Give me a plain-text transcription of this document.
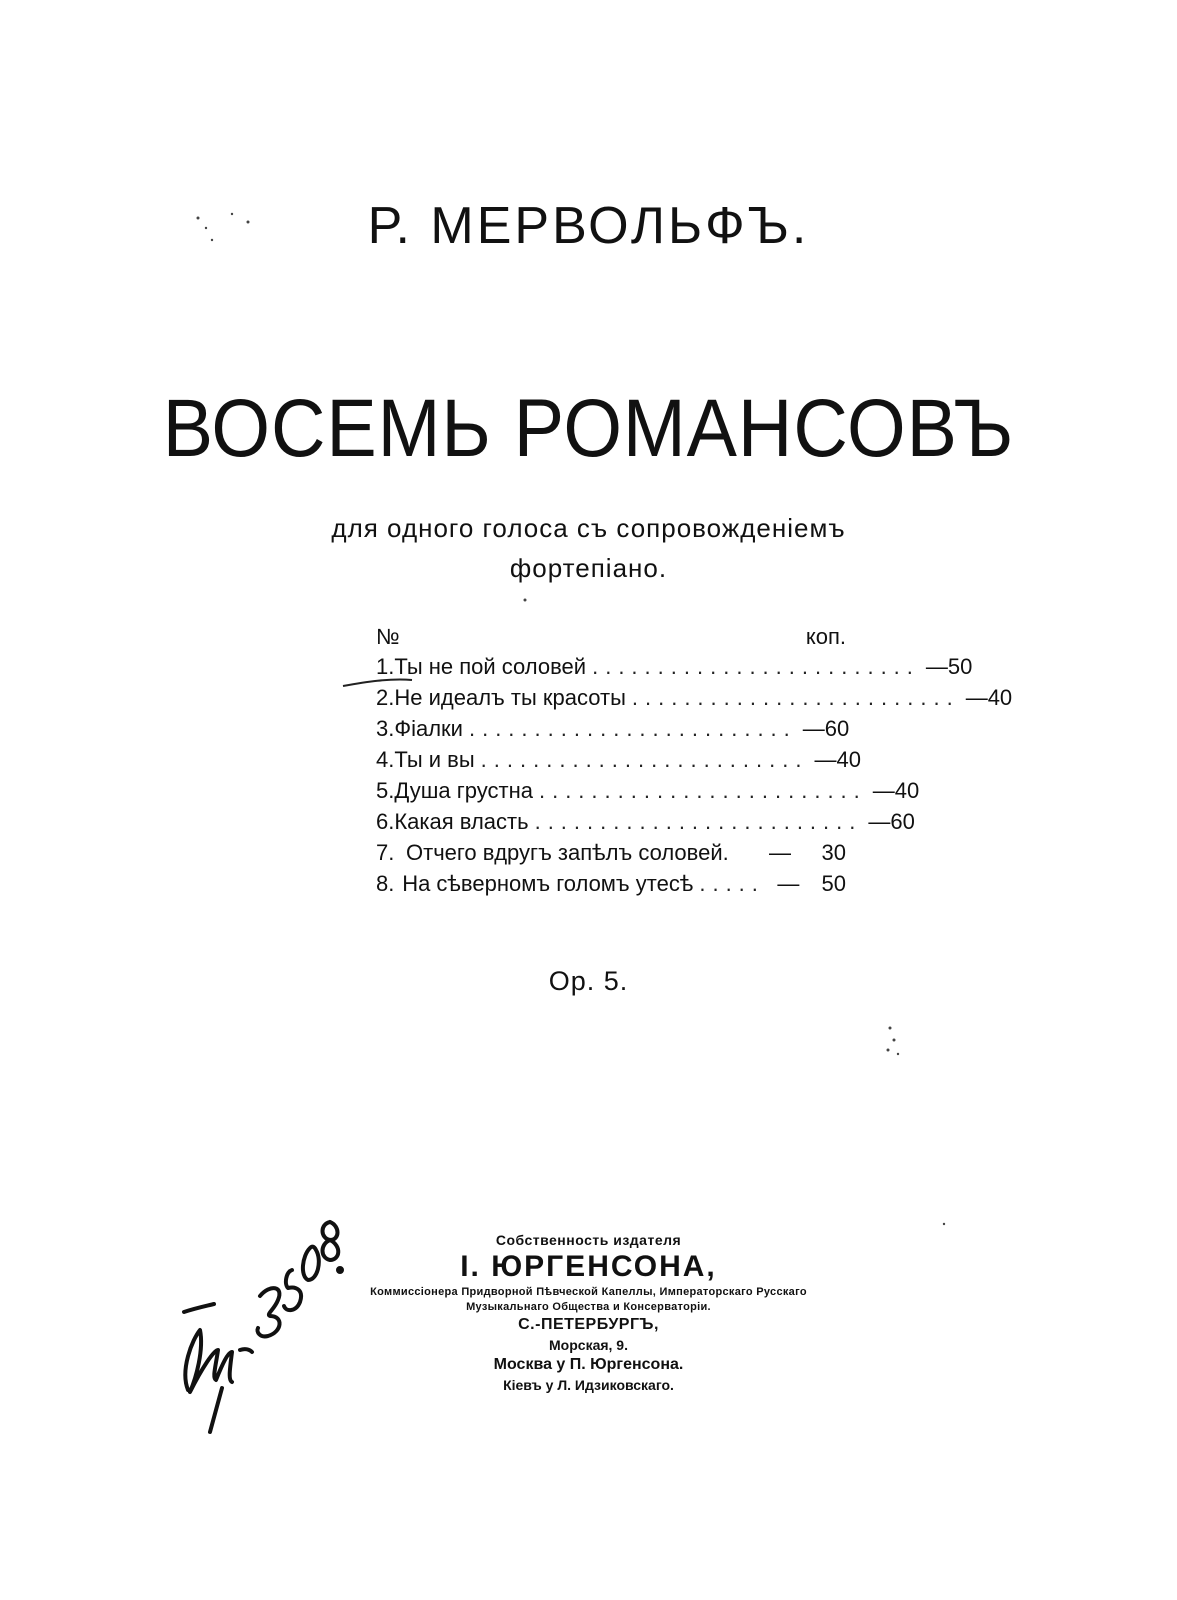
Р. МЕРВОЛЬФЪ.
ВОСЕМЬ РОМАНСОВЪ
для одного голоса съ сопровожденіемъ
фортепіано.
№	коп.
1. Ты не пой соловей ......................... — 50
2. Не идеалъ ты красоты ......................... — 40
3. Фіалки ......................... — 60
4. Ты и вы ......................... — 40
5. Душа грустна ......................... — 40
6. Какая власть ......................... — 60
7. Отчего вдругъ запѣлъ соловей.	—	30
8. На сѣверномъ голомъ утесѣ ..... —	50
Ор. 5.
Собственность издателя
I. ЮРГЕНСОНА,
Коммиссіонера Придворной Пѣвческой Капеллы, Императорскаго Русскаго
Музыкальнаго Общества и Консерваторіи.
С.-ПЕТЕРБУРГЪ,
Морская, 9.
Москва у П. Юргенсона.
Кіевъ у Л. Идзиковскаго.
